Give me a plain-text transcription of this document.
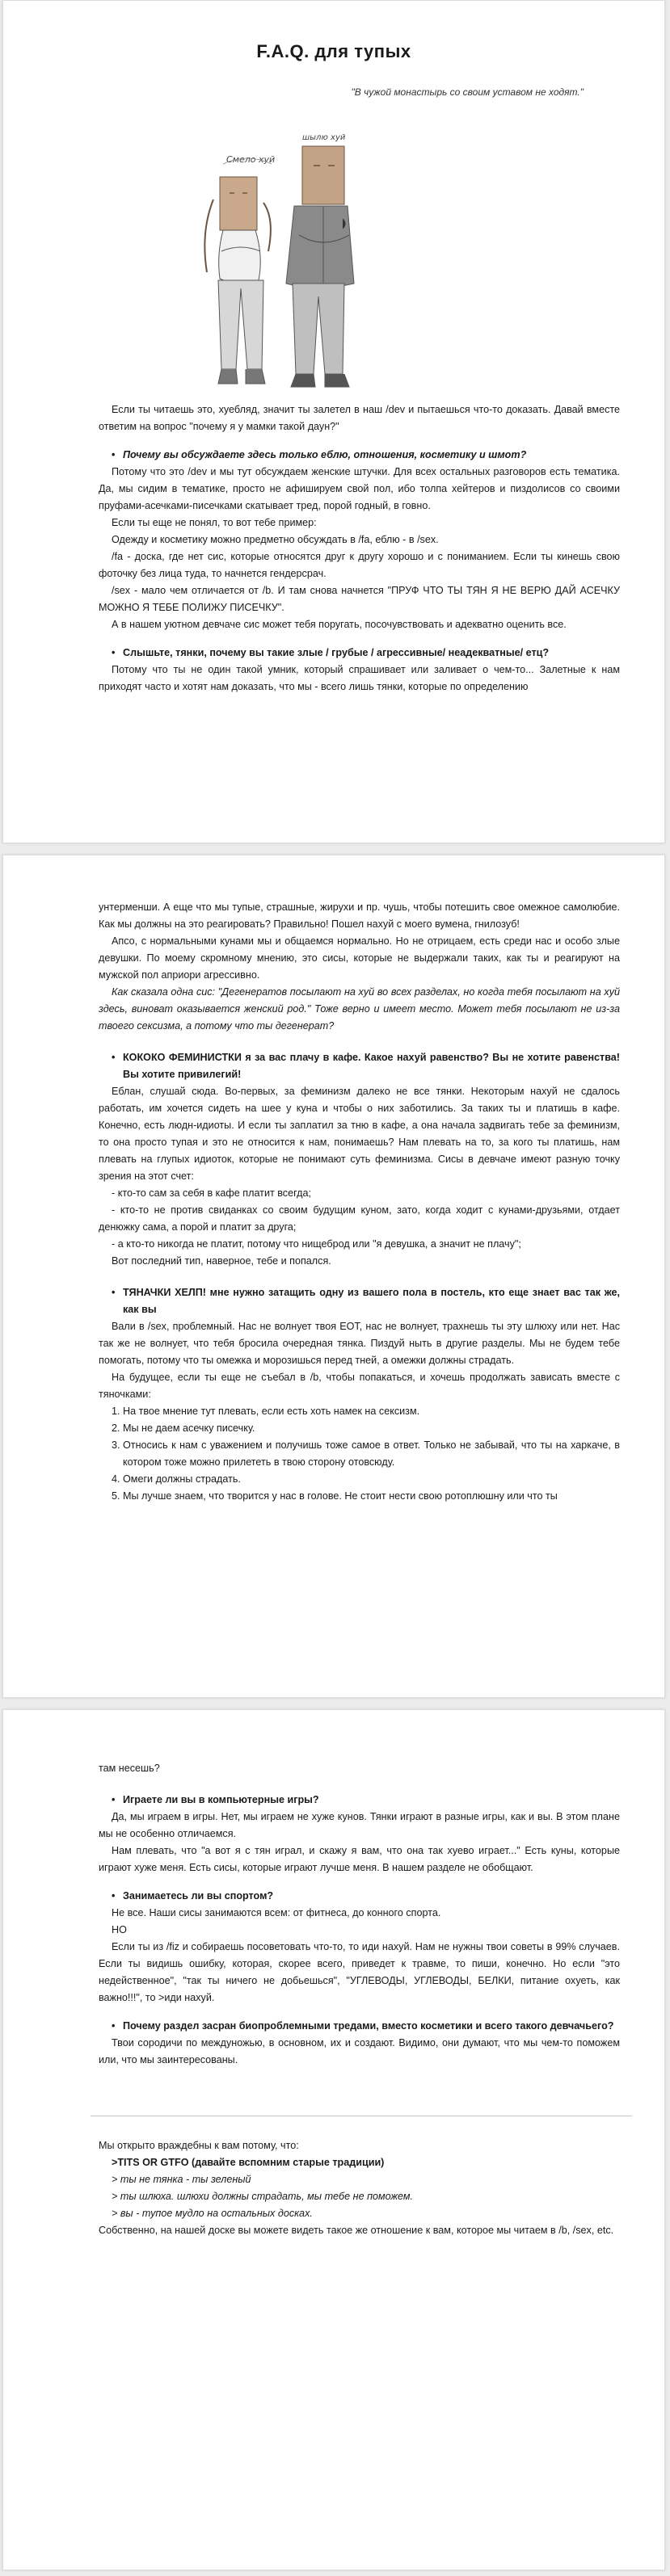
F.A.Q. для тупых
"В чужой монастырь со своим уставом не ходят."
Смело хуй
шылю хуй

Если ты читаешь это, хуебляд, значит ты залетел в наш /dev и пытаешься что-то доказать. Давай вместе ответим на вопрос "почему я у мамки такой даун?"

• Почему вы обсуждаете здесь только еблю, отношения, косметику и шмот?

Потому что это /dev и мы тут обсуждаем женские штучки. Для всех остальных разговоров есть тематика. Да, мы сидим в тематике, просто не афишируем свой пол, ибо толпа хейтеров и пиздолисов со своими пруфами-асечками-писечками скатывает тред, порой годный, в говно.

Если ты еще не понял, то вот тебе пример:

Одежду и косметику можно предметно обсуждать в /fa, еблю - в /sex.

/fa - доска, где нет сис, которые относятся друг к другу хорошо и с пониманием. Если ты кинешь свою фоточку без лица туда, то начнется гендерсрач.

/sex - мало чем отличается от /b. И там снова начнется "ПРУФ ЧТО ТЫ ТЯН Я НЕ ВЕРЮ ДАЙ АСЕЧКУ МОЖНО Я ТЕБЕ ПОЛИЖУ ПИСЕЧКУ".

А в нашем уютном девчаче сис может тебя поругать, посочувствовать и адекватно оценить все.

• Слышьте, тянки, почему вы такие злые / грубые / агрессивные/ неадекватные/ етц?

Потому что ты не один такой умник, который спрашивает или заливает о чем-то... Залетные к нам приходят часто и хотят нам доказать, что мы - всего лишь тянки, которые по определению

унтерменши. А еще что мы тупые, страшные, жируxи и пр. чушь, чтобы потешить свое омежное самолюбие. Как мы должны на это реагировать? Правильно! Пошел нахуй с моего вумена, гнилозуб!

Апсо, с нормальными кунами мы и общаемся нормально. Но не отрицаем, есть среди нас и особо злые девушки. По моему скромному мнению, это сисы, которые не выдержали таких, как ты и реагируют на мужской пол априори агрессивно.

Как сказала одна сис: "Дегенератов посылают на хуй во всех разделах, но когда тебя посылают на хуй здесь, виноват оказывается женский род." Тоже верно и имеет место. Может тебя посылают не из-за твоего сексизма, а потому что ты дегенерат?

• КОКОКО ФЕМИНИСТКИ я за вас плачу в кафе. Какое нахуй равенство? Вы не хотите равенства! Вы хотите привилегий!

Еблан, слушай сюда. Во-первых, за феминизм далеко не все тянки. Некоторым нахуй не сдалось работать, им хочется сидеть на шее у куна и чтобы о них заботились. За таких ты и платишь в кафе. Конечно, есть людн-идиоты. И если ты заплатил за тню в кафе, а она начала задвигать тебе за феминизм, то она просто тупая и это не относится к нам, понимаешь? Нам плевать на то, за кого ты платишь, нам плевать на глупых идиоток, которые не понимают суть феминизма. Сисы в девчаче имеют разную точку зрения на этот счет:

- кто-то сам за себя в кафе платит всегда;

- кто-то не против свиданках со своим будущим куном, зато, когда ходит с кунами-друзьями, отдает денюжку сама, а порой и платит за друга;

- а кто-то никогда не платит, потому что нищеброд или "я девушка, а значит не плачу";

Вот последний тип, наверное, тебе и попался.

• ТЯНАЧКИ ХЕЛП! мне нужно затащить одну из вашего пола в постель, кто еще знает вас так же, как вы

Вали в /sex, проблемный. Нас не волнует твоя ЕОТ, нас не волнует, трахнешь ты эту шлюху или нет. Нас так же не волнует, что тебя бросила очередная тянка. Пиздуй ныть в другие разделы. Мы не будем тебе помогать, потому что ты омежка и морозишься перед тней, а омежки должны страдать.

На будущее, если ты еще не съебал в /b, чтобы попакаться, и хочешь продолжать зависать вместе с тяночками:

1. На твое мнение тут плевать, если есть хоть намек на сексизм.
2. Мы не даем асечку писечку.
3. Относись к нам с уважением и получишь тоже самое в ответ. Только не забывай, что ты на харкаче, в котором тоже можно прилететь в твою сторону отовсюду.
4. Омеги должны страдать.
5. Мы лучше знаем, что творится у нас в голове. Не стоит нести свою ротоплюшну или что ты

там несешь?

• Играете ли вы в компьютерные игры?

Да, мы играем в игры. Нет, мы играем не хуже кунов. Тянки играют в разные игры, как и вы. В этом плане мы не особенно отличаемся.

Нам плевать, что "а вот я с тян играл, и скажу я вам, что она так хуево играет..." Есть куны, которые играют хуже меня. Есть сисы, которые играют лучше меня. В нашем разделе не обобщают.

• Занимаетесь ли вы спортом?

Не все. Наши сисы занимаются всем: от фитнеса, до конного спорта.

НО

Если ты из /fiz и собираешь посоветовать что-то, то иди нахуй. Нам не нужны твои советы в 99% случаев. Если ты видишь ошибку, которая, скорее всего, приведет к травме, то пиши, конечно. Но если "это недейственное", "так ты ничего не добьешься", "УГЛЕВОДЫ, УГЛЕВОДЫ, БЕЛКИ, питание охуеть, как важно!!!", то >иди нахуй.

• Почему раздел засран биопроблемными тредами, вместо косметики и всего такого девчачьего?

Твои сородичи по междуножью, в основном, их и создают. Видимо, они думают, что мы чем-то поможем или, что мы заинтересованы.

Мы открыто враждебны к вам потому, что:

>TITS OR GTFO (давайте вспомним старые традиции)

> ты не тянка - ты зеленый

> ты шлюха. шлюхи должны страдать, мы тебе не поможем.

> вы - тупое мудло на остальных досках.

Собственно, на нашей доске вы можете видеть такое же отношение к вам, которое мы читаем в /b, /sex, etc.
